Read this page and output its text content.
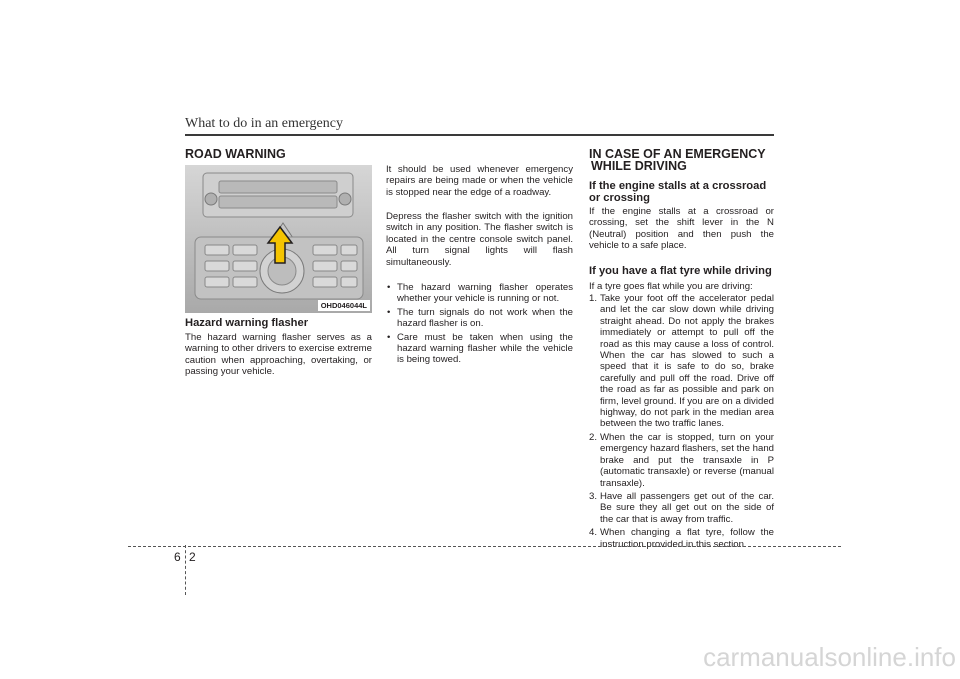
What to do in an emergency
ROAD WARNING
OHD046044L
Hazard warning flasher

The hazard warning flasher serves as a warning to other drivers to exercise extreme caution when approaching, overtaking, or passing your vehicle.

It should be used whenever emergency repairs are being made or when the vehicle is stopped near the edge of a roadway.

Depress the flasher switch with the ignition switch in any position. The flasher switch is located in the centre console switch panel. All turn signal lights will flash simultaneously.

• The hazard warning flasher operates whether your vehicle is running or not.
• The turn signals do not work when the hazard flasher is on.
• Care must be taken when using the hazard warning flasher while the vehicle is being towed.
IN CASE OF AN EMERGENCY
WHILE DRIVING
If the engine stalls at a crossroad
or crossing

If the engine stalls at a crossroad or crossing, set the shift lever in the N (Neutral) position and then push the vehicle to a safe place.

If you have a flat tyre while driving

If a tyre goes flat while you are driving:

1. Take your foot off the accelerator pedal and let the car slow down while driving straight ahead. Do not apply the brakes immediately or attempt to pull off the road as this may cause a loss of control. When the car has slowed to such a speed that it is safe to do so, brake carefully and pull off the road. Drive off the road as far as possible and park on firm, level ground. If you are on a divided highway, do not park in the median area between the two traffic lanes.
2. When the car is stopped, turn on your emergency hazard flashers, set the hand brake and put the transaxle in P (automatic transaxle) or reverse (manual transaxle).
3. Have all passengers get out of the car. Be sure they all get out on the side of the car that is away from traffic.
4. When changing a flat tyre, follow the instruction provided in this section.
6 2
carmanualsonline.info
